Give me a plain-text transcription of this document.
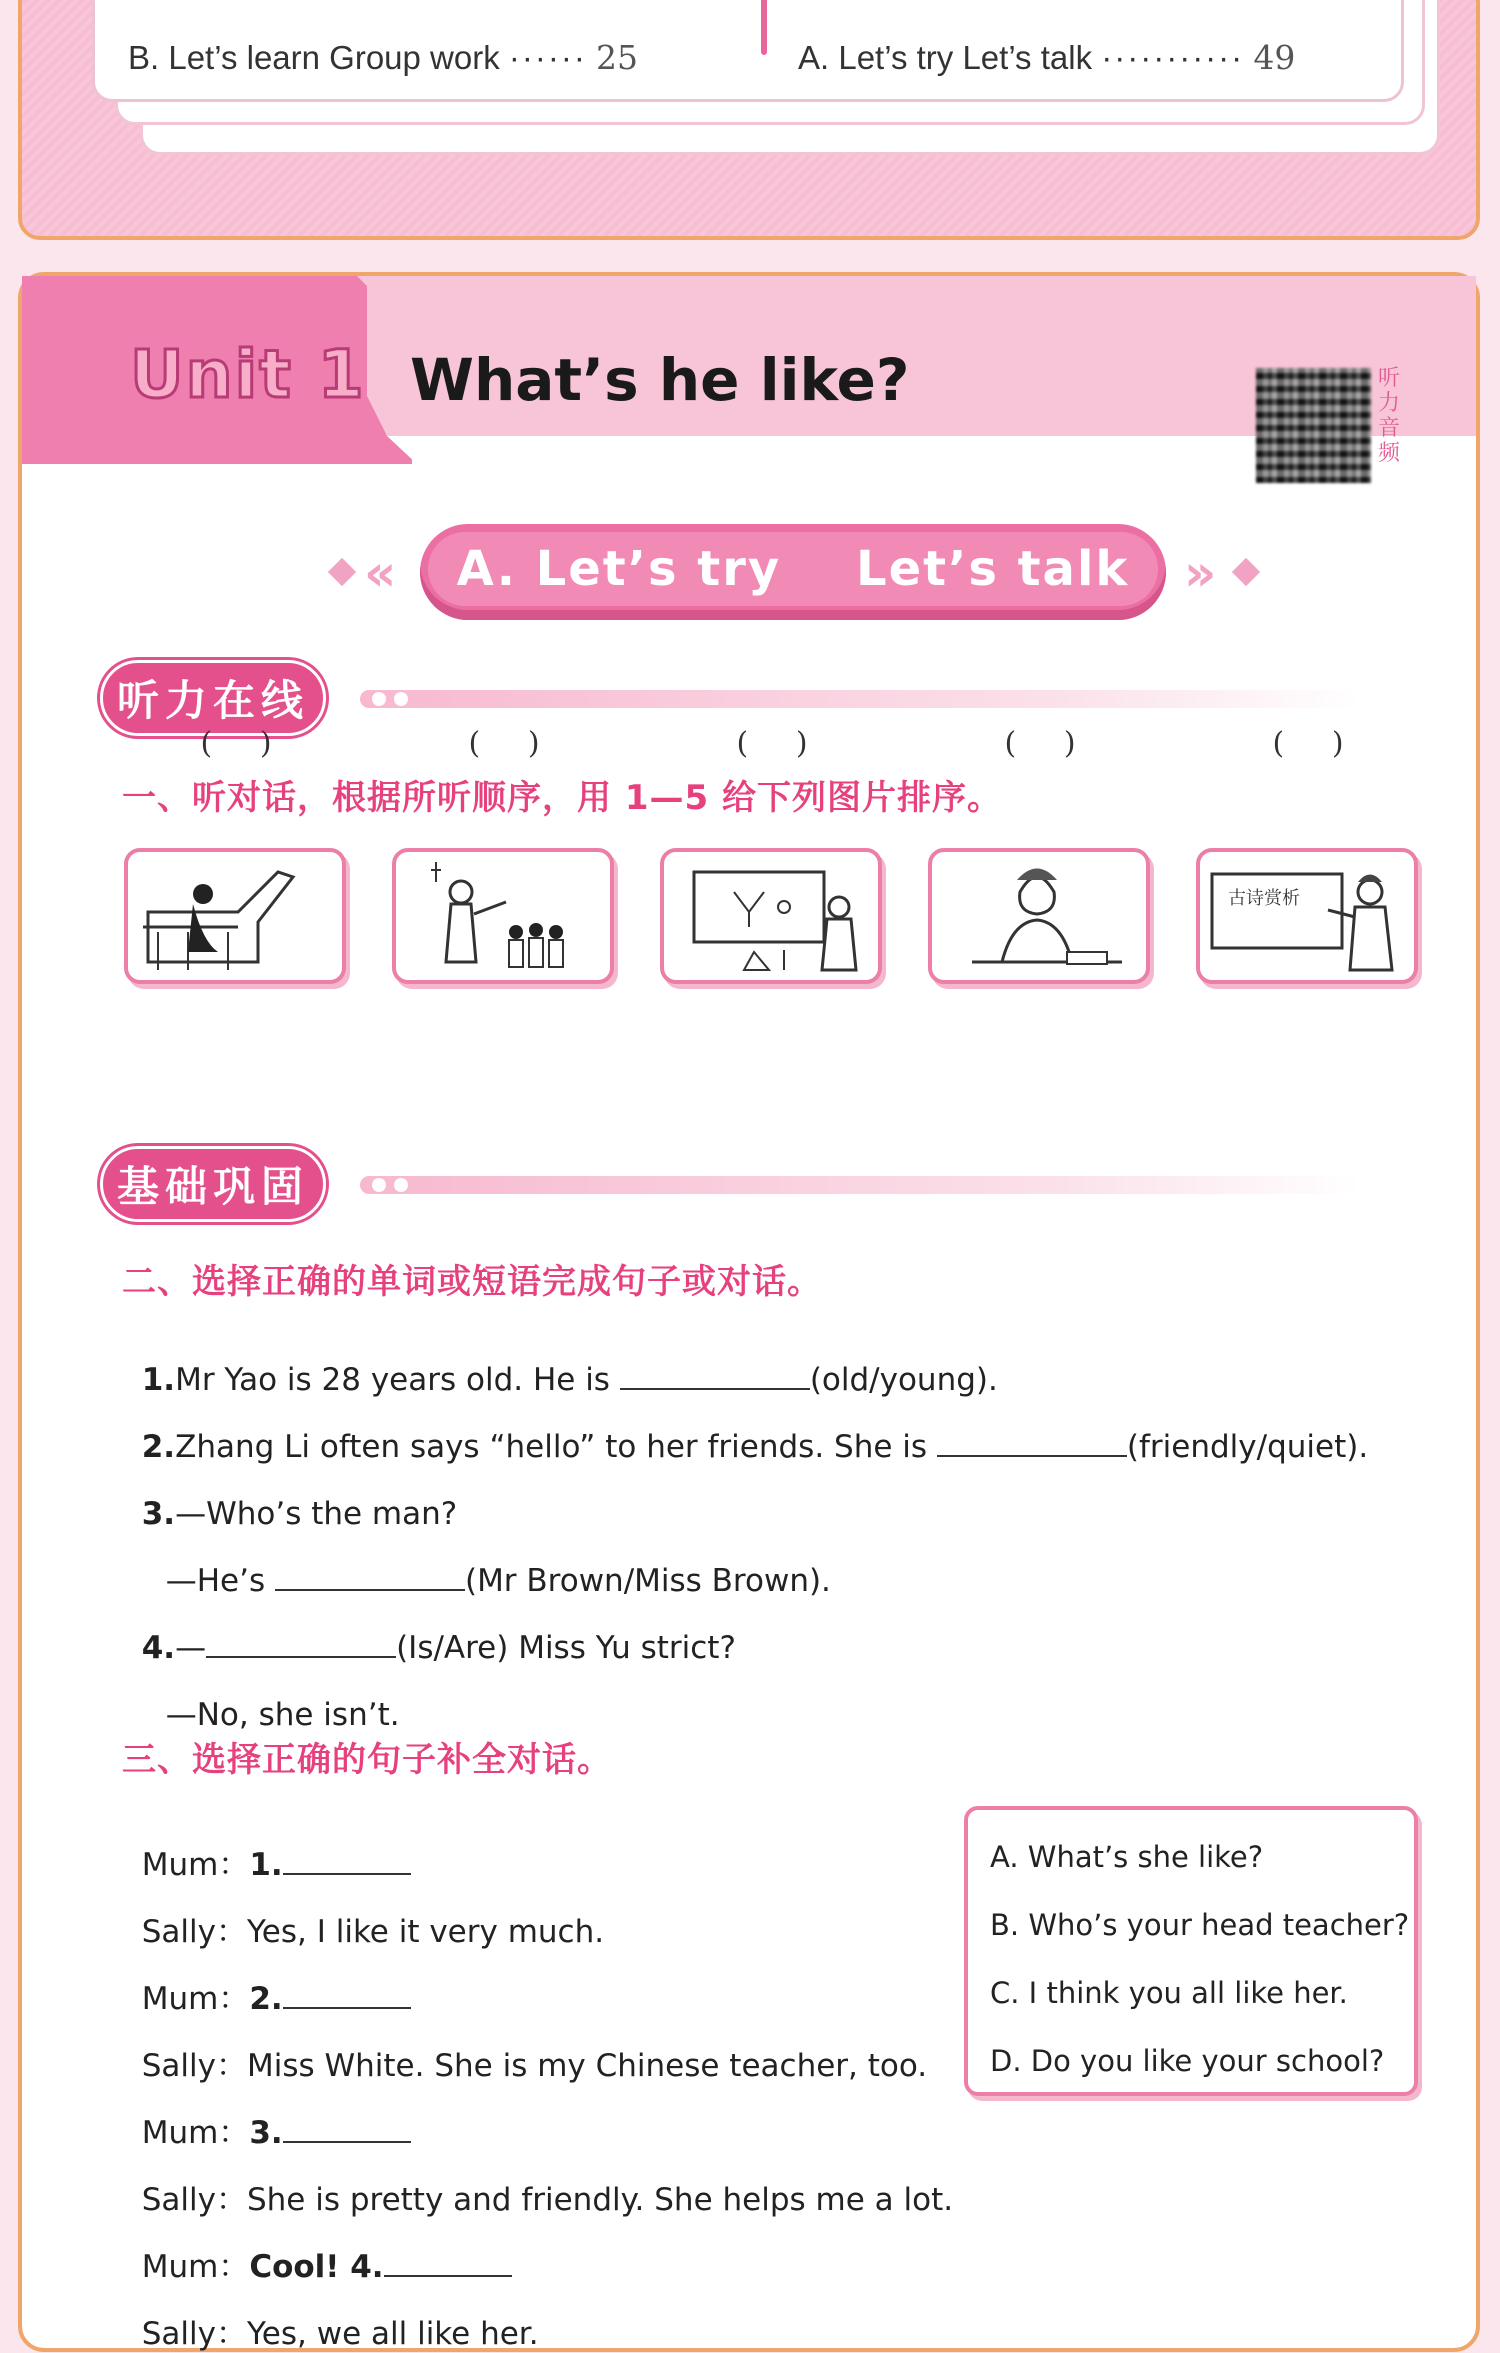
B. Let’s learn Group work ······ 25	A. Let’s try Let’s talk ··········· 49
Unit 1 What’s he like?
« A. Let’s try    Let’s talk »
听力在线
听力音频
一、听对话，根据所听顺序，用 1—5 给下列图片排序。
古诗赏析
(     )	(     )	(     )	(     )	(     )
基础巩固
二、选择正确的单词或短语完成句子或对话。

1.Mr Yao is 28 years old. He is	(old/young).

2.Zhang Li often says “hello” to her friends. She is	(friendly/quiet).

3.—Who’s the man?

—He’s	(Mr Brown/Miss Brown).

4.—	(Is/Are) Miss Yu strict?

—No, she isn’t.

三、选择正确的句子补全对话。

Mum：1.

Sally：Yes, I like it very much.

Mum：2.

Sally：Miss White. She is my Chinese teacher, too.

Mum：3.

Sally：She is pretty and friendly. She helps me a lot.

Mum：Cool! 4.

Sally：Yes, we all like her.

A. What’s she like?
B. Who’s your head teacher?
C. I think you all like her.
D. Do you like your school?
